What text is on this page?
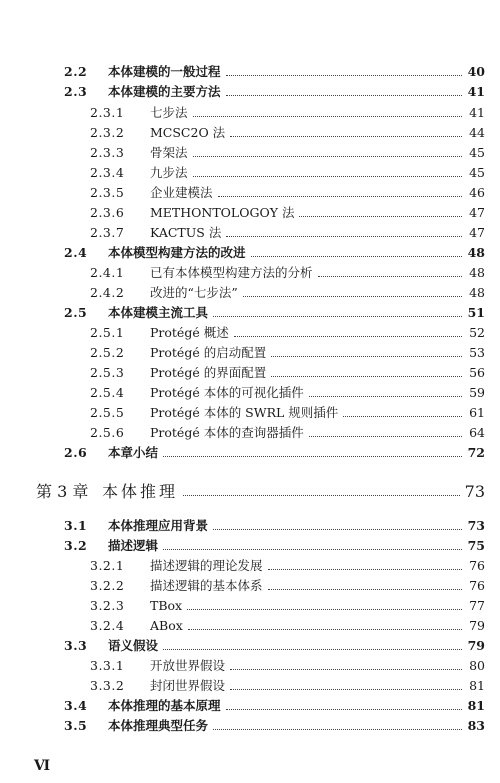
2.2	本体建模的一般过程	40
2.3	本体建模的主要方法	41
2.3.1	七步法	41
2.3.2	MCSC2O 法	44
2.3.3	骨架法	45
2.3.4	九步法	45
2.3.5	企业建模法	46
2.3.6	METHONTOLOGOY 法	47
2.3.7	KACTUS 法	47
2.4	本体模型构建方法的改进	48
2.4.1	已有本体模型构建方法的分析	48
2.4.2	改进的“七步法”	48
2.5	本体建模主流工具	51
2.5.1	Protégé 概述	52
2.5.2	Protégé 的启动配置	53
2.5.3	Protégé 的界面配置	56
2.5.4	Protégé 本体的可视化插件	59
2.5.5	Protégé 本体的 SWRL 规则插件	61
2.5.6	Protégé 本体的查询器插件	64
2.6	本章小结	72
第 3 章 本体推理	73
3.1	本体推理应用背景	73
3.2	描述逻辑	75
3.2.1	描述逻辑的理论发展	76
3.2.2	描述逻辑的基本体系	76
3.2.3	TBox	77
3.2.4	ABox	79
3.3	语义假设	79
3.3.1	开放世界假设	80
3.3.2	封闭世界假设	81
3.4	本体推理的基本原理	81
3.5	本体推理典型任务	83
Ⅵ
